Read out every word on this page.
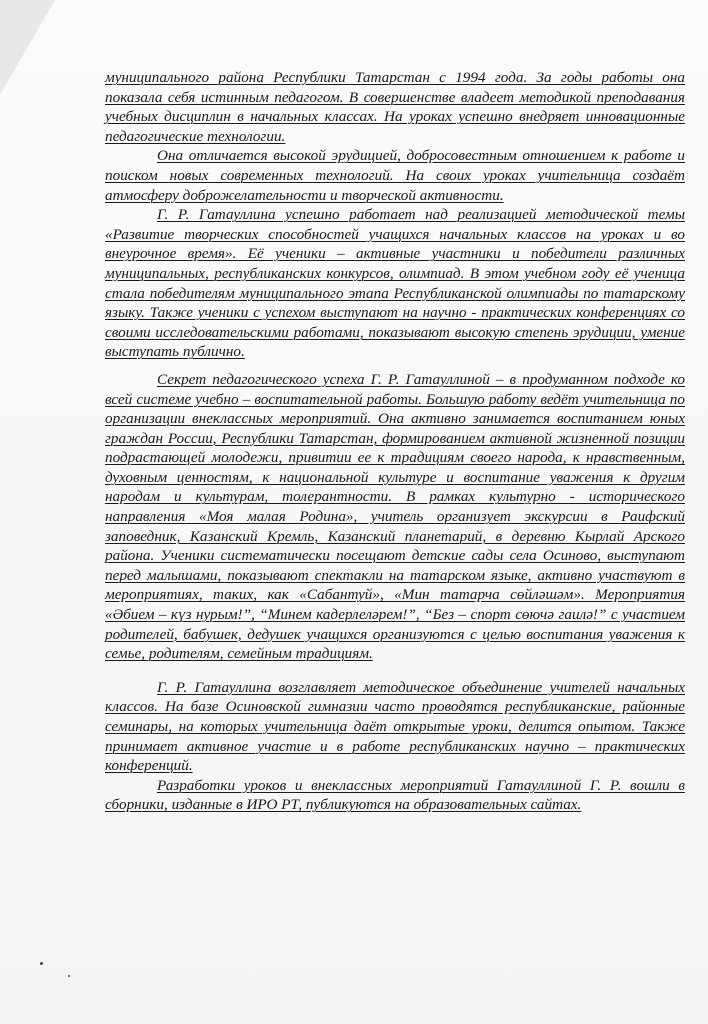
муниципального района Республики Татарстан с 1994 года. За годы работы она показала себя истинным педагогом. В совершенстве владеет методикой преподавания учебных дисциплин в начальных классах. На уроках успешно внедряет инновационные педагогические технологии.

Она отличается высокой эрудицией, добросовестным отношением к работе и поиском новых современных технологий. На своих уроках учительница создаёт атмосферу доброжелательности и творческой активности.

Г. Р. Гатауллина успешно работает над реализацией методической темы «Развитие творческих способностей учащихся начальных классов на уроках и во внеурочное время». Её ученики – активные участники и победители различных муниципальных, республиканских конкурсов, олимпиад. В этом учебном году её ученица стала победителям муниципального этапа Республиканской олимпиады по татарскому языку. Также ученики с успехом выступают на научно - практических конференциях со своими исследовательскими работами, показывают высокую степень эрудиции, умение выступать публично.

Секрет педагогического успеха Г. Р. Гатауллиной – в продуманном подходе ко всей системе учебно – воспитательной работы. Большую работу ведёт учительница по организации внеклассных мероприятий. Она активно занимается воспитанием юных граждан России, Республики Татарстан, формированием активной жизненной позиции подрастающей молодежи, привитии ее к традициям своего народа, к нравственным, духовным ценностям, к национальной культуре и воспитание уважения к другим народам и культурам, толерантности. В рамках культурно - исторического направления «Моя малая Родина», учитель организует экскурсии в Раифский заповедник, Казанский Кремль, Казанский планетарий, в деревню Кырлай Арского района. Ученики систематически посещают детские сады села Осиново, выступают перед малышами, показывают спектакли на татарском языке, активно участвуют в мероприятиях, таких, как «Сабантуй», «Мин татарча сөйләшәм». Мероприятия «Әбием – күз нурым!”, “Минем кадерлеләрем!”, “Без – спорт сөючә гаилә!” с участием родителей, бабушек, дедушек учащихся организуются с целью воспитания уважения к семье, родителям, семейным традициям.

Г. Р. Гатауллина возглавляет методическое объединение учителей начальных классов. На базе Осиновской гимназии часто проводятся республиканские, районные семинары, на которых учительница даёт открытые уроки, делится опытом. Также принимает активное участие и в работе республиканских научно – практических конференций.

Разработки уроков и внеклассных мероприятий Гатауллиной Г. Р. вошли в сборники, изданные в ИРО РТ, публикуются на образовательных сайтах.
